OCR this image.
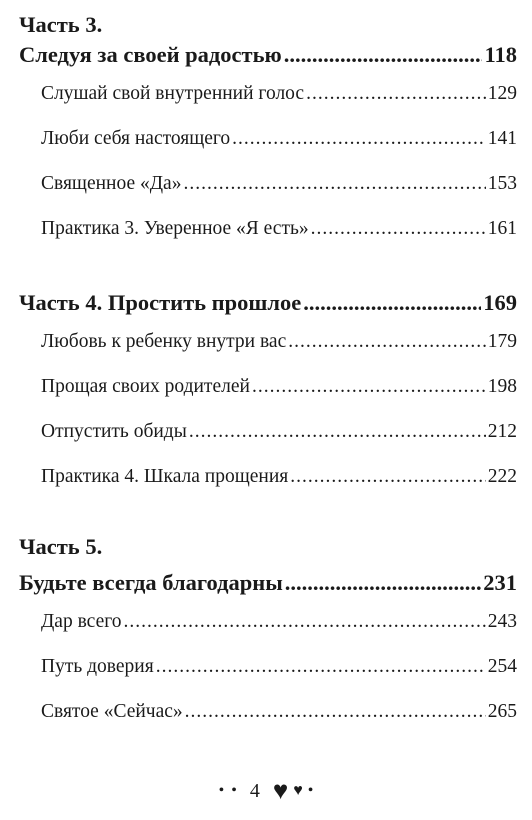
Часть 3.
Следуя за своей радостью .....	118
Слушай свой внутренний голос .....	129
Люби себя настоящего .....	141
Священное «Да» .....	153
Практика 3. Уверенное «Я есть» .....	161
Часть 4. Простить прошлое .....	169
Любовь к ребенку внутри вас .....	179
Прощая своих родителей .....	198
Отпустить обиды .....	212
Практика 4. Шкала прощения .....	222
Часть 5.
Будьте всегда благодарны .....	231
Дар всего .....	243
Путь доверия .....	254
Святое «Сейчас» .....	265
• • 4 ♥ ♥ •
